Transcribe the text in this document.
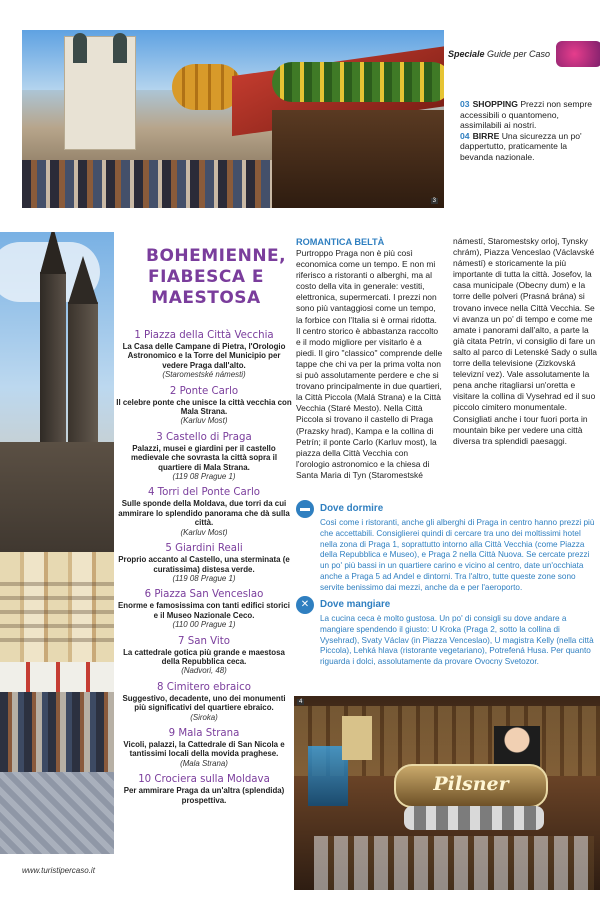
3
Speciale Guide per Caso
03 SHOPPING Prezzi non sempre accessibili o quantomeno, assimilabili ai nostri.
04 BIRRE Una sicurezza un po' dappertutto, praticamente la bevanda nazionale.
BOHEMIENNE, FIABESCA E MAESTOSA
1 Piazza della Città Vecchia
La Casa delle Campane di Pietra, l'Orologio Astronomico e la Torre del Municipio per vedere Praga dall'alto.
(Staromestské námesti)
2 Ponte Carlo
Il celebre ponte che unisce la città vecchia con Mala Strana.
(Karluv Most)
3 Castello di Praga
Palazzi, musei e giardini per il castello medievale che sovrasta la città sopra il quartiere di Mala Strana.
(119 08 Prague 1)
4 Torri del Ponte Carlo
Sulle sponde della Moldava, due torri da cui ammirare lo splendido panorama che dà sulla città.
(Karluv Most)
5 Giardini Reali
Proprio accanto al Castello, una sterminata (e curatissima) distesa verde.
(119 08 Prague 1)
6 Piazza San Venceslao
Enorme e famosissima con tanti edifici storici e il Museo Nazionale Ceco.
(110 00 Prague 1)
7 San Vito
La cattedrale gotica più grande e maestosa della Repubblica ceca.
(Nadvori, 48)
8 Cimitero ebraico
Suggestivo, decadente, uno dei monumenti più significativi del quartiere ebraico.
(Siroka)
9 Mala Strana
Vicoli, palazzi, la Cattedrale di San Nicola e tantissimi locali della movida praghese.
(Mala Strana)
10 Crociera sulla Moldava
Per ammirare Praga da un'altra (splendida) prospettiva.
ROMANTICA BELTÀ

Purtroppo Praga non è più così economica come un tempo. E non mi riferisco a ristoranti o alberghi, ma al costo della vita in generale: vestiti, elettronica, supermercati. I prezzi non sono più vantaggiosi come un tempo, la forbice con l'Italia si è ormai ridotta. Il centro storico è abbastanza raccolto e il modo migliore per visitarlo è a piedi. Il giro "classico" comprende delle tappe che chi va per la prima volta non si può assolutamente perdere e che si trovano principalmente in due quartieri, la Città Piccola (Malá Strana) e la Città Vecchia (Staré Mesto). Nella Città Piccola si trovano il castello di Praga (Prazsky hrad), Kampa e la collina di Petrín; il ponte Carlo (Karluv most), la piazza della Città Vecchia con l'orologio astronomico e la chiesa di Santa Maria di Tyn (Staromestské námestí, Staromestsky orloj, Tynsky chrám), Piazza Venceslao (Václavské námestí) e storicamente la più importante di tutta la città. Josefov, la casa municipale (Obecny dum) e la torre delle polveri (Prasná brána) si trovano invece nella Città Vecchia. Se vi avanza un po' di tempo e come me amate i panorami dall'alto, a parte la già citata Petrín, vi consiglio di fare un salto al parco di Letenské Sady o sulla torre della televisione (Zizkovská televizní vez). Vale assolutamente la pena anche ritagliarsi un'oretta e visitare la collina di Vysehrad ed il suo piccolo cimitero monumentale. Consigliati anche i tour fuori porta in mountain bike per vedere una città diversa tra splendidi paesaggi.

▬	Dove dormire
Così come i ristoranti, anche gli alberghi di Praga in centro hanno prezzi più che accettabili. Consiglierei quindi di cercare tra uno dei moltissimi hotel nella zona di Praga 1, soprattutto intorno alla Città Vecchia (come Piazza della Repubblica e Museo), e Praga 2 nella Città Nuova. Se cercate prezzi un po' più bassi in un quartiere carino e vicino al centro, date un'occhiata anche a Praga 5 ad Andel e dintorni. Tra l'altro, tutte queste zone sono servite benissimo dai mezzi, anche da e per l'aeroporto.
✕	Dove mangiare
La cucina ceca è molto gustosa. Un po' di consigli su dove andare a mangiare spendendo il giusto: U Kroka (Praga 2, sotto la collina di Vysehrad), Svaty Václav (in Piazza Venceslao), U magistra Kelly (nella città Piccola), Lehká hlava (ristorante vegetariano), Potrefená Husa. Per quanto riguarda i dolci, assolutamente da provare Ovocny Svetozor.
Pilsner
4
www.turistipercaso.it
